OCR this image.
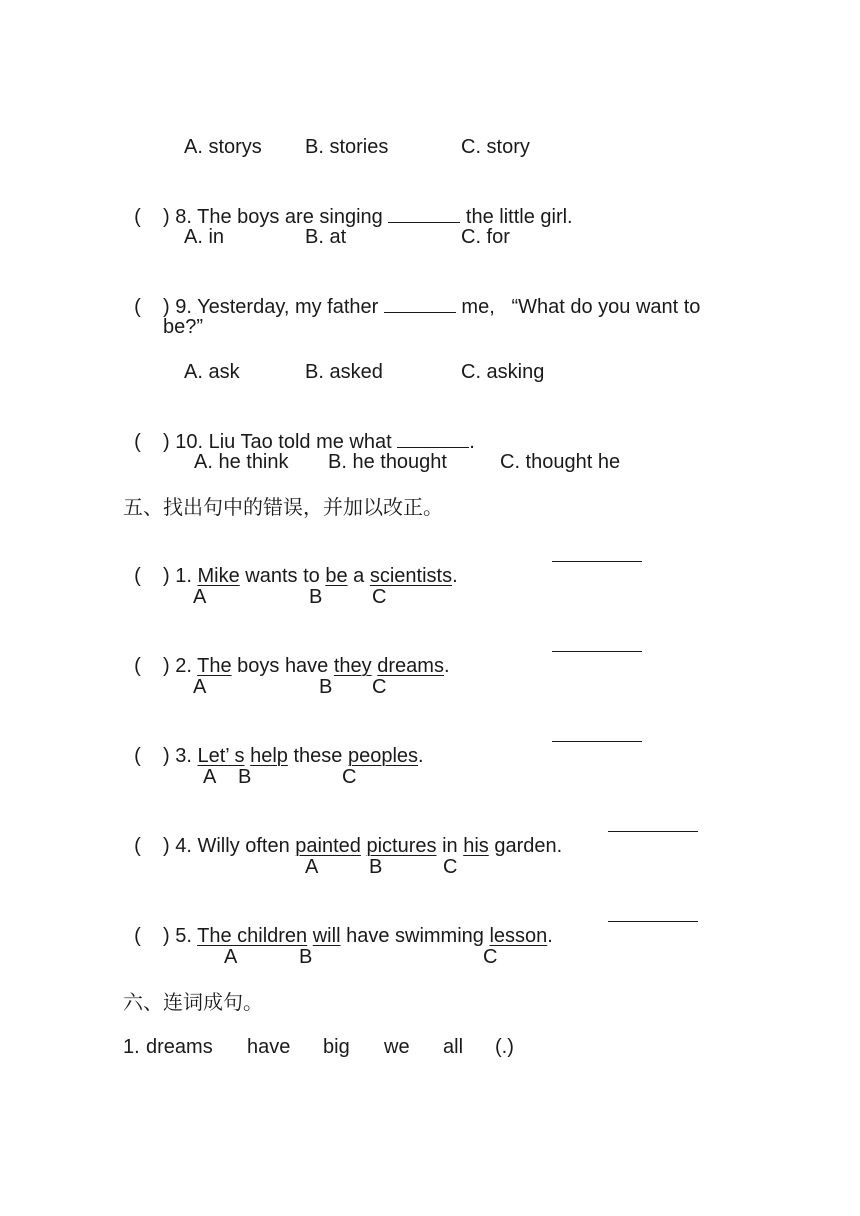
A. storys B. stories	C. story

(    ) 8. The boys are singing	the little girl.

A. in	B. at	C. for

(    ) 9. Yesterday, my father	me,   “What do you want to

be?”
A. ask	B. asked	C. asking

(    ) 10. Liu Tao told me what	.

A. he think B. he thought	C. thought he
五、找出句中的错误，并加以改正。

(    ) 1. Mike wants to be a scientists.

A	B C

(    ) 2. The boys have they dreams.

A	B C

(    ) 3. Let’ s help these peoples.

A B	C

(    ) 4. Willy often painted pictures in his garden.

A	B	C

(    ) 5. The children will have swimming lesson.

A	B	C
六、连词成句。
1. dreams have big we all (.)
